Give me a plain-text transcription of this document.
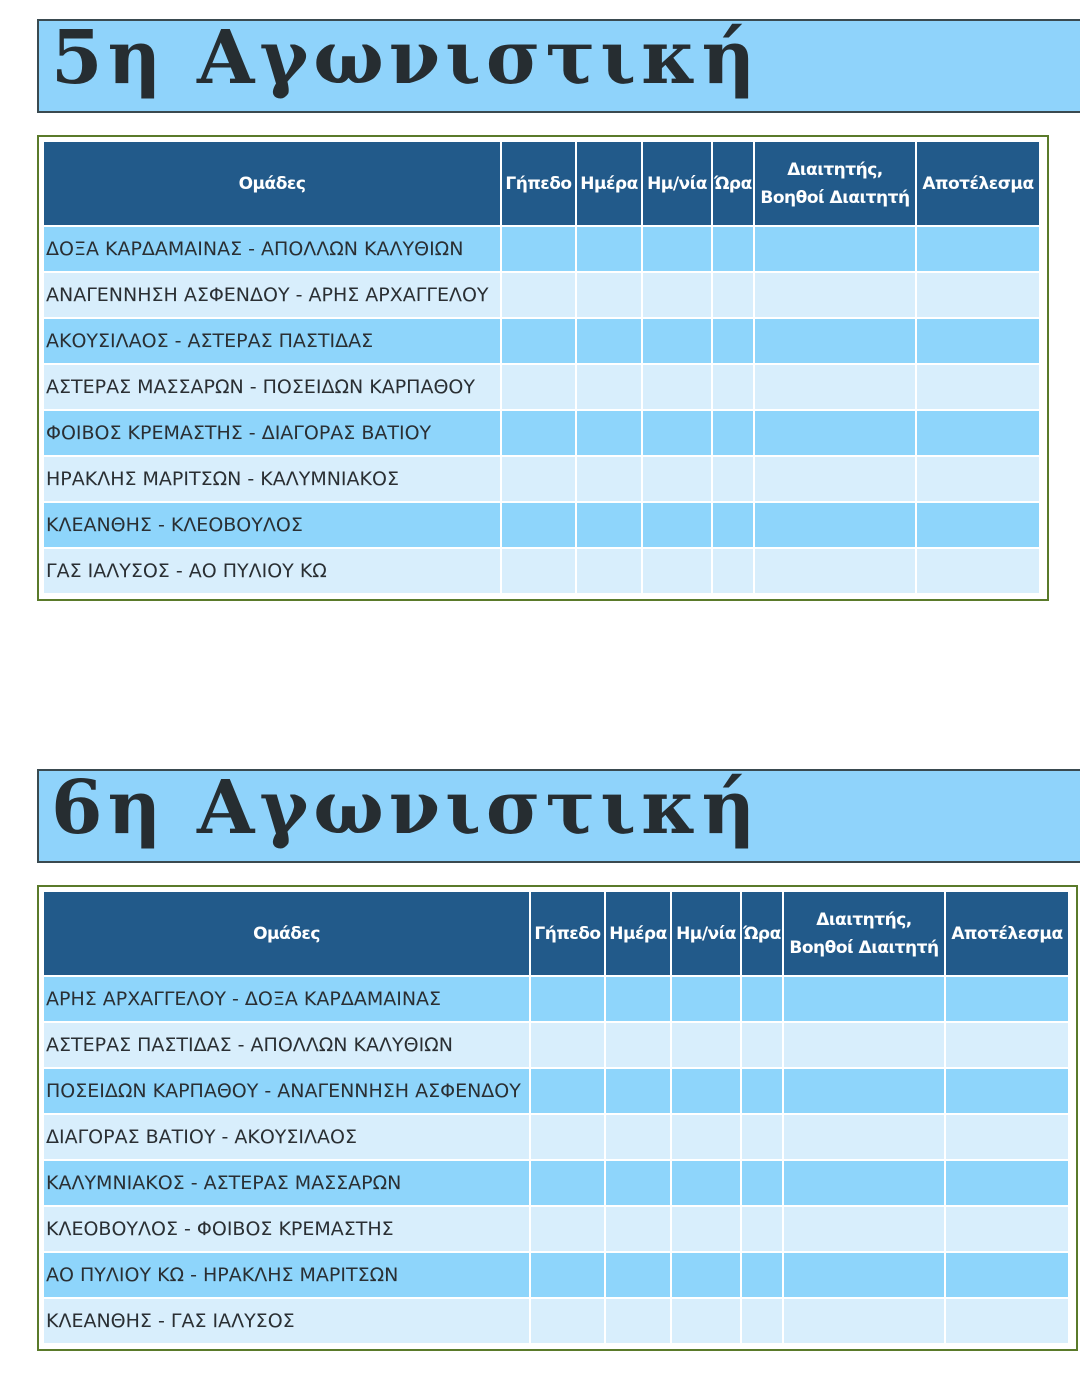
5η Αγωνιστική
Ομάδες	Γήπεδο	Ημέρα	Ημ/νία	Ώρα	Διαιτητής,
Βοηθοί Διαιτητή	Αποτέλεσμα
ΔΟΞΑ ΚΑΡΔΑΜΑΙΝΑΣ - ΑΠΟΛΛΩΝ ΚΑΛΥΘΙΩΝ						
ΑΝΑΓΕΝΝΗΣΗ ΑΣΦΕΝΔΟΥ - ΑΡΗΣ ΑΡΧΑΓΓΕΛΟΥ						
ΑΚΟΥΣΙΛΑΟΣ - ΑΣΤΕΡΑΣ ΠΑΣΤΙΔΑΣ						
ΑΣΤΕΡΑΣ ΜΑΣΣΑΡΩΝ - ΠΟΣΕΙΔΩΝ ΚΑΡΠΑΘΟΥ						
ΦΟΙΒΟΣ ΚΡΕΜΑΣΤΗΣ - ΔΙΑΓΟΡΑΣ ΒΑΤΙΟΥ						
ΗΡΑΚΛΗΣ ΜΑΡΙΤΣΩΝ - ΚΑΛΥΜΝΙΑΚΟΣ						
ΚΛΕΑΝΘΗΣ - ΚΛΕΟΒΟΥΛΟΣ						
ΓΑΣ ΙΑΛΥΣΟΣ - ΑΟ ΠΥΛΙΟΥ ΚΩ						
6η Αγωνιστική
Ομάδες	Γήπεδο	Ημέρα	Ημ/νία	Ώρα	Διαιτητής,
Βοηθοί Διαιτητή	Αποτέλεσμα
ΑΡΗΣ ΑΡΧΑΓΓΕΛΟΥ - ΔΟΞΑ ΚΑΡΔΑΜΑΙΝΑΣ						
ΑΣΤΕΡΑΣ ΠΑΣΤΙΔΑΣ - ΑΠΟΛΛΩΝ ΚΑΛΥΘΙΩΝ						
ΠΟΣΕΙΔΩΝ ΚΑΡΠΑΘΟΥ - ΑΝΑΓΕΝΝΗΣΗ ΑΣΦΕΝΔΟΥ						
ΔΙΑΓΟΡΑΣ ΒΑΤΙΟΥ - ΑΚΟΥΣΙΛΑΟΣ						
ΚΑΛΥΜΝΙΑΚΟΣ - ΑΣΤΕΡΑΣ ΜΑΣΣΑΡΩΝ						
ΚΛΕΟΒΟΥΛΟΣ - ΦΟΙΒΟΣ ΚΡΕΜΑΣΤΗΣ						
ΑΟ ΠΥΛΙΟΥ ΚΩ - ΗΡΑΚΛΗΣ ΜΑΡΙΤΣΩΝ						
ΚΛΕΑΝΘΗΣ - ΓΑΣ ΙΑΛΥΣΟΣ						
